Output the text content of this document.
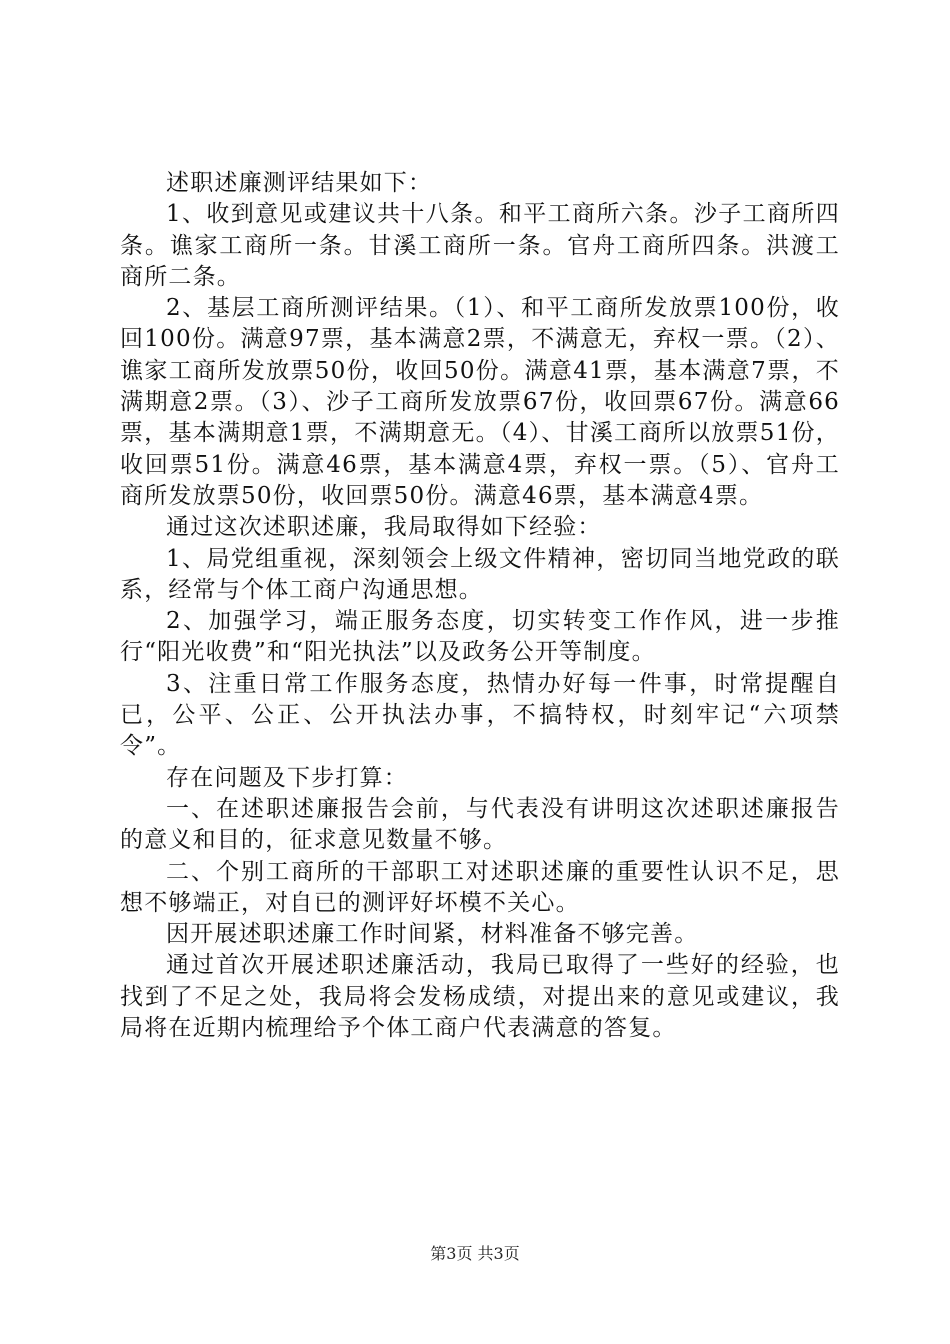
述职述廉测评结果如下：

1、收到意见或建议共十八条。和平工商所六条。沙子工商所四条。谯家工商所一条。甘溪工商所一条。官舟工商所四条。洪渡工商所二条。

2、基层工商所测评结果。（1）、和平工商所发放票100份，收回100份。满意97票，基本满意2票，不满意无，弃权一票。（2）、谯家工商所发放票50份，收回50份。满意41票，基本满意7票，不满期意2票。（3）、沙子工商所发放票67份，收回票67份。满意66票，基本满期意1票，不满期意无。（4）、甘溪工商所以放票51份，收回票51份。满意46票，基本满意4票，弃权一票。（5）、官舟工商所发放票50份，收回票50份。满意46票，基本满意4票。

通过这次述职述廉，我局取得如下经验：

1、局党组重视，深刻领会上级文件精神，密切同当地党政的联系，经常与个体工商户沟通思想。

2、加强学习，端正服务态度，切实转变工作作风，进一步推行“阳光收费”和“阳光执法”以及政务公开等制度。

3、注重日常工作服务态度，热情办好每一件事，时常提醒自已，公平、公正、公开执法办事，不搞特权，时刻牢记“六项禁令”。

存在问题及下步打算：

一、在述职述廉报告会前，与代表没有讲明这次述职述廉报告的意义和目的，征求意见数量不够。

二、个别工商所的干部职工对述职述廉的重要性认识不足，思想不够端正，对自已的测评好坏模不关心。

因开展述职述廉工作时间紧，材料准备不够完善。

通过首次开展述职述廉活动，我局已取得了一些好的经验，也找到了不足之处，我局将会发杨成绩，对提出来的意见或建议，我局将在近期内梳理给予个体工商户代表满意的答复。

第3页 共3页
